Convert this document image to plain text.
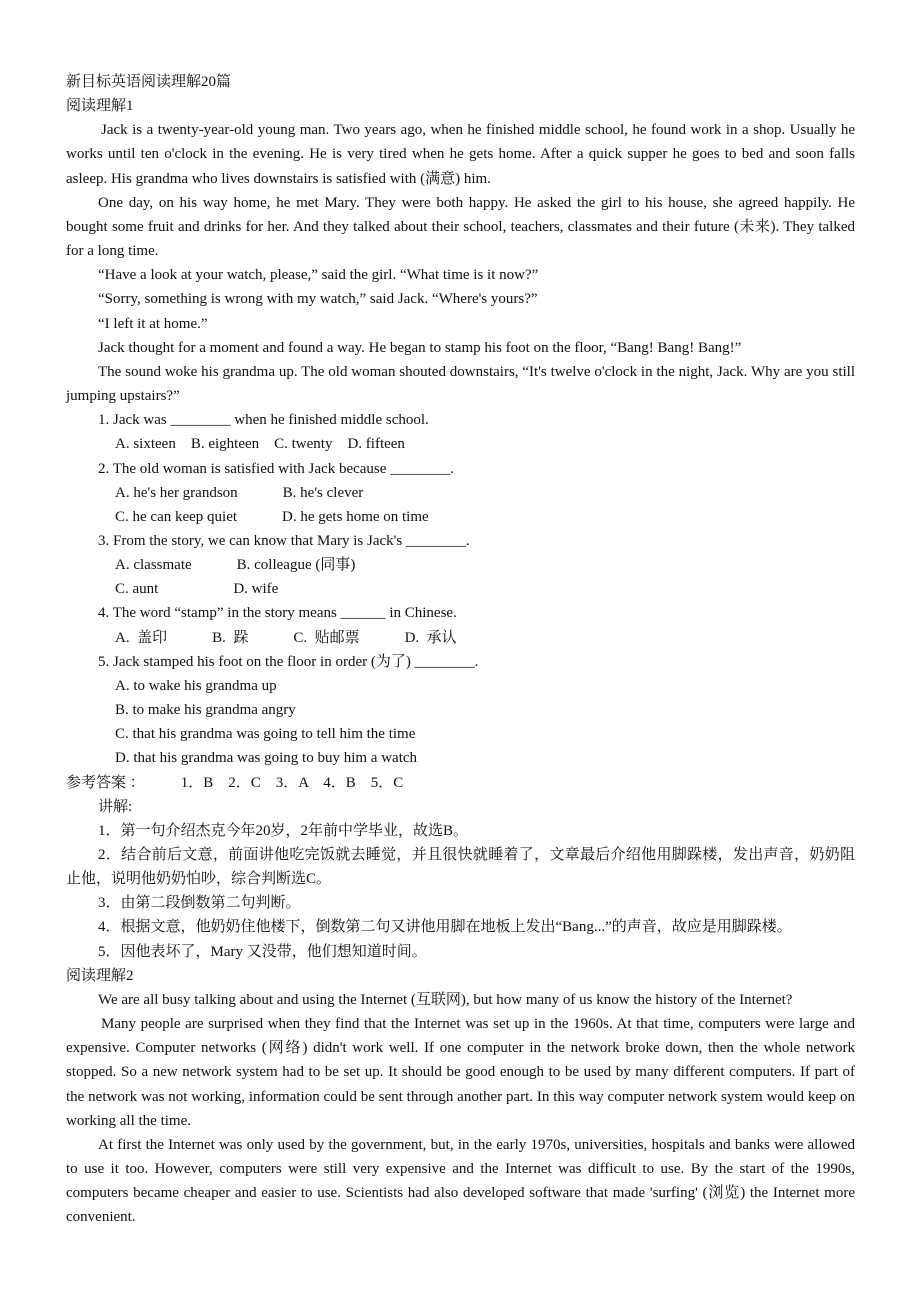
新目标英语阅读理解20篇

阅读理解1

Jack is a twenty-year-old young man. Two years ago, when he finished middle school, he found work in a shop. Usually he works until ten o'clock in the evening. He is very tired when he gets home. After a quick supper he goes to bed and soon falls asleep. His grandma who lives downstairs is satisfied with (满意) him.

One day, on his way home, he met Mary. They were both happy. He asked the girl to his house, she agreed happily. He bought some fruit and drinks for her. And they talked about their school, teachers, classmates and their future (未来). They talked for a long time.

“Have a look at your watch, please,” said the girl. “What time is it now?”

“Sorry, something is wrong with my watch,” said Jack. “Where's yours?”

“I left it at home.”

Jack thought for a moment and found a way. He began to stamp his foot on the floor, “Bang! Bang! Bang!”

The sound woke his grandma up. The old woman shouted downstairs, “It's twelve o'clock in the night, Jack. Why are you still jumping upstairs?”

1. Jack was ________ when he finished middle school.

A. sixteen    B. eighteen    C. twenty    D. fifteen

2. The old woman is satisfied with Jack because ________.

A. he's her grandson            B. he's clever

C. he can keep quiet            D. he gets home on time

3. From the story, we can know that Mary is Jack's ________.

A. classmate            B. colleague (同事)

C. aunt                    D. wife

4. The word “stamp” in the story means ______ in Chinese.

A.  盖印            B.  跺            C.  贴邮票            D.  承认

5. Jack stamped his foot on the floor in order (为了) ________.

A. to wake his grandma up

B. to make his grandma angry

C. that his grandma was going to tell him the time

D. that his grandma was going to buy him a watch

参考答案 ： 1．B    2．C    3．A    4．B    5．C

讲解:

1．第一句介绍杰克今年20岁，2年前中学毕业，故选B。

2．结合前后文意，前面讲他吃完饭就去睡觉，并且很快就睡着了，文章最后介绍他用脚跺楼，发出声音，奶奶阻止他，说明他奶奶怕吵，综合判断选C。

3．由第二段倒数第二句判断。

4．根据文意，他奶奶住他楼下，倒数第二句又讲他用脚在地板上发出“Bang...”的声音，故应是用脚跺楼。

5．因他表坏了，Mary 又没带，他们想知道时间。

阅读理解2

We are all busy talking about and using the Internet (互联网), but how many of us know the history of the Internet?

Many people are surprised when they find that the Internet was set up in the 1960s. At that time, computers were large and expensive. Computer networks (网络) didn't work well. If one computer in the network broke down, then the whole network stopped. So a new network system had to be set up. It should be good enough to be used by many different computers. If part of the network was not working, information could be sent through another part. In this way computer network system would keep on working all the time.

At first the Internet was only used by the government, but, in the early 1970s, universities, hospitals and banks were allowed to use it too. However, computers were still very expensive and the Internet was difficult to use. By the start of the 1990s, computers became cheaper and easier to use. Scientists had also developed software that made 'surfing' (浏览) the Internet more convenient.
